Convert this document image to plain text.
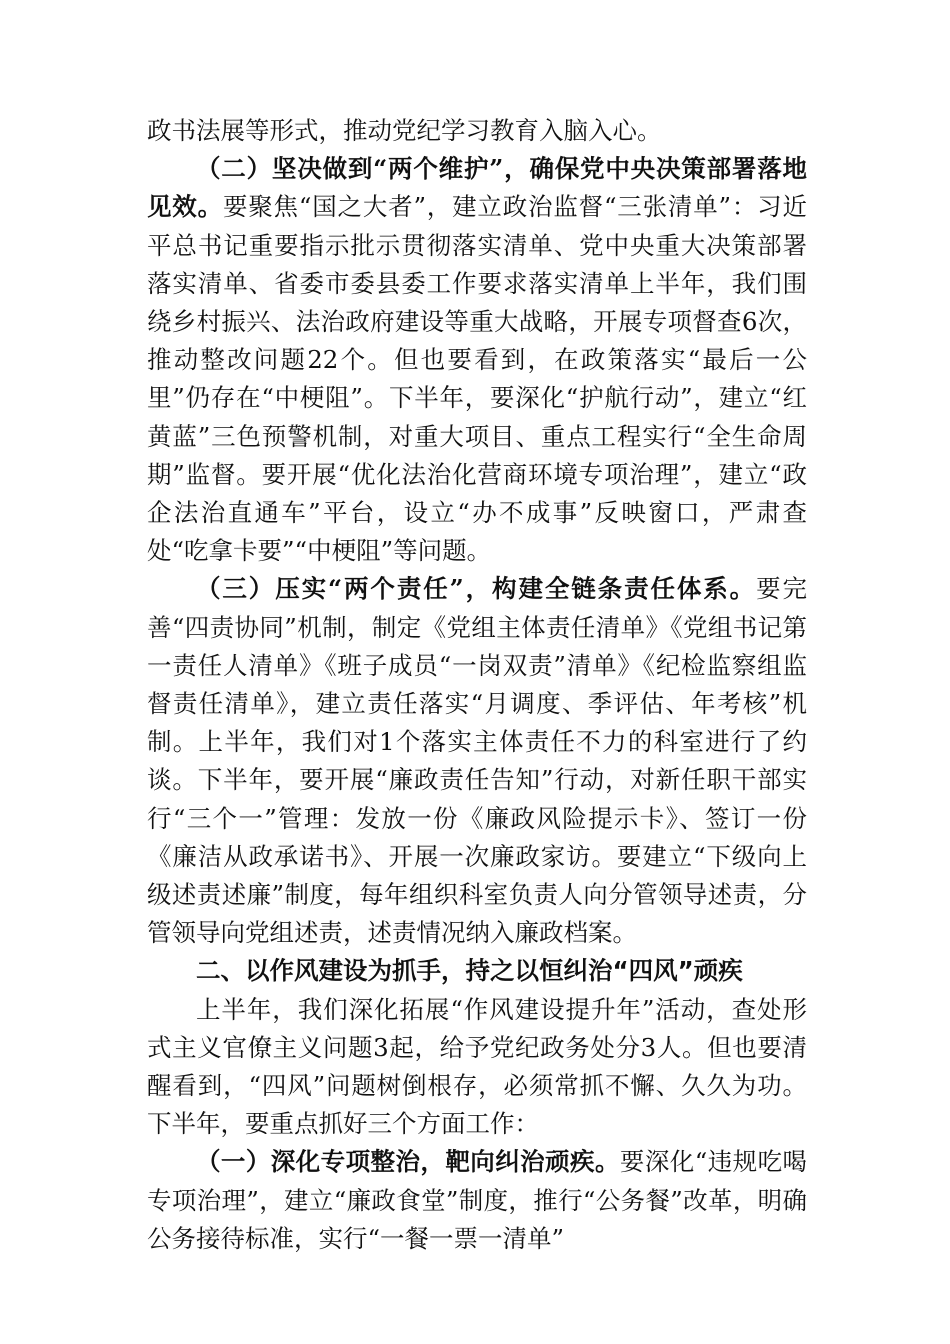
政书法展等形式，推动党纪学习教育入脑入心。

（二）坚决做到“两个维护”，确保党中央决策部署落地见效。要聚焦“国之大者”，建立政治监督“三张清单”：习近平总书记重要指示批示贯彻落实清单、党中央重大决策部署落实清单、省委市委县委工作要求落实清单上半年，我们围绕乡村振兴、法治政府建设等重大战略，开展专项督查6次，推动整改问题22个。但也要看到，在政策落实“最后一公里”仍存在“中梗阻”。下半年，要深化“护航行动”，建立“红黄蓝”三色预警机制，对重大项目、重点工程实行“全生命周期”监督。要开展“优化法治化营商环境专项治理”，建立“政企法治直通车”平台，设立“办不成事”反映窗口，严肃查处“吃拿卡要”“中梗阻”等问题。

（三）压实“两个责任”，构建全链条责任体系。要完善“四责协同”机制，制定《党组主体责任清单》《党组书记第一责任人清单》《班子成员“一岗双责”清单》《纪检监察组监督责任清单》，建立责任落实“月调度、季评估、年考核”机制。上半年，我们对1个落实主体责任不力的科室进行了约谈。下半年，要开展“廉政责任告知”行动，对新任职干部实行“三个一”管理：发放一份《廉政风险提示卡》、签订一份《廉洁从政承诺书》、开展一次廉政家访。要建立“下级向上级述责述廉”制度，每年组织科室负责人向分管领导述责，分管领导向党组述责，述责情况纳入廉政档案。

二、以作风建设为抓手，持之以恒纠治“四风”顽疾

上半年，我们深化拓展“作风建设提升年”活动，查处形式主义官僚主义问题3起，给予党纪政务处分3人。但也要清醒看到，“四风”问题树倒根存，必须常抓不懈、久久为功。下半年，要重点抓好三个方面工作：

（一）深化专项整治，靶向纠治顽疾。要深化“违规吃喝专项治理”，建立“廉政食堂”制度，推行“公务餐”改革，明确公务接待标准，实行“一餐一票一清单”
